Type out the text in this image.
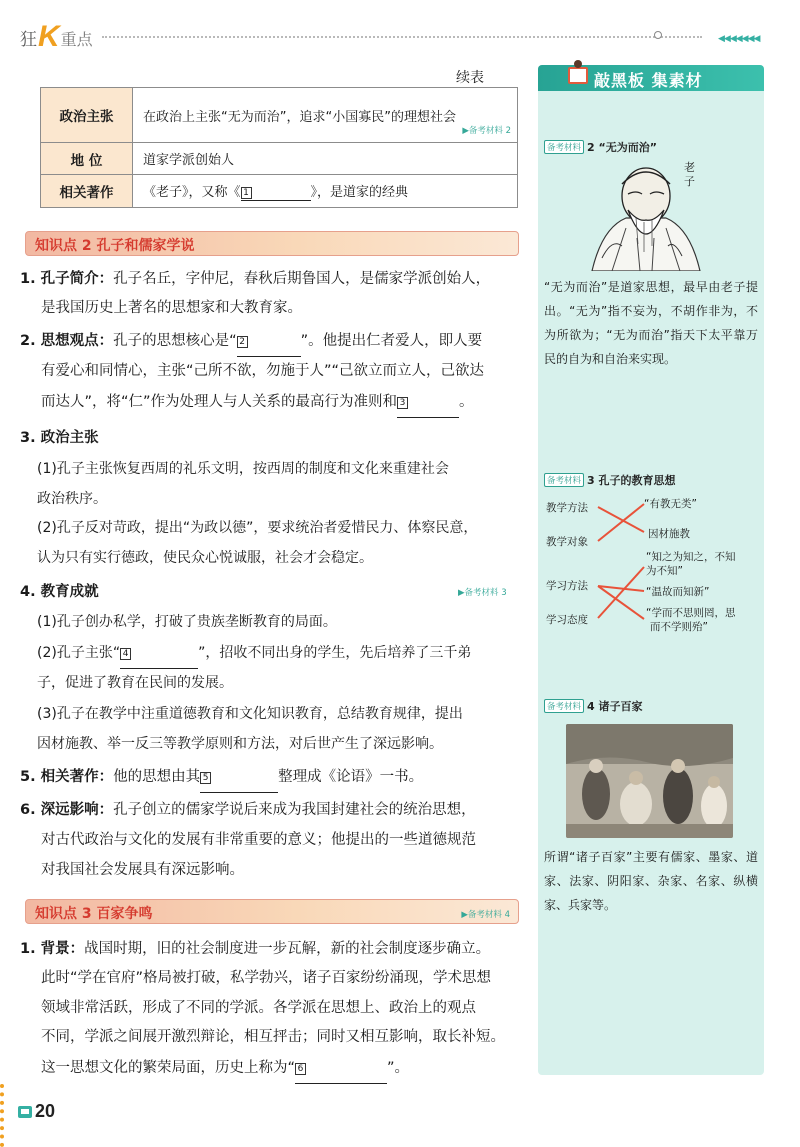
狂 K 重点	◀◀◀◀◀◀◀
续表
政治主张	在政治上主张“无为而治”，追求“小国寡民”的理想社会
▶备考材料 2

地 位	道家学派创始人
相关著作	《老子》，又称《 1 》，是道家的经典
知识点 2 孔子和儒家学说
1. 孔子简介：孔子名丘，字仲尼，春秋后期鲁国人，是儒家学派创始人，
是我国历史上著名的思想家和大教育家。
2. 思想观点：孔子的思想核心是“ 2	”。他提出仁者爱人，即人要
有爱心和同情心，主张“己所不欲，勿施于人”“己欲立而立人，己欲达
而达人”，将“仁”作为处理人与人关系的最高行为准则和 3	。
3. 政治主张
(1)孔子主张恢复西周的礼乐文明，按西周的制度和文化来重建社会
政治秩序。
(2)孔子反对苛政，提出“为政以德”，要求统治者爱惜民力、体察民意，
认为只有实行德政，使民众心悦诚服，社会才会稳定。
4. 教育成就	▶备考材料 3
(1)孔子创办私学，打破了贵族垄断教育的局面。
(2)孔子主张“ 4	”，招收不同出身的学生，先后培养了三千弟
子，促进了教育在民间的发展。
(3)孔子在教学中注重道德教育和文化知识教育，总结教育规律，提出
因材施教、举一反三等教学原则和方法，对后世产生了深远影响。
5. 相关著作：他的思想由其 5	整理成《论语》一书。
6. 深远影响：孔子创立的儒家学说后来成为我国封建社会的统治思想，
对古代政治与文化的发展有非常重要的意义；他提出的一些道德规范
对我国社会发展具有深远影响。
知识点 3 百家争鸣	▶备考材料 4
1. 背景：战国时期，旧的社会制度进一步瓦解，新的社会制度逐步确立。
此时“学在官府”格局被打破，私学勃兴，诸子百家纷纷涌现，学术思想
领域非常活跃，形成了不同的学派。各学派在思想上、政治上的观点
不同，学派之间展开激烈辩论，相互抨击；同时又相互影响，取长补短。
这一思想文化的繁荣局面，历史上称为“ 6	”。
敲黑板 集素材
备考材料 2 “无为而治”
老子
“无为而治”是道家思想，最早由老子提出。“无为”指不妄为，不胡作非为，不为所欲为；“无为而治”指天下太平靠万民的自为和自治来实现。
备考材料 3 孔子的教育思想
教学方法
教学对象
学习方法
学习态度
“有教无类”
因材施教
“知之为知之，不知
为不知”
“温故而知新”
“学而不思则罔，思
而不学则殆”
备考材料 4 诸子百家
所谓“诸子百家”主要有儒家、墨家、道家、法家、阴阳家、杂家、名家、纵横家、兵家等。
20
